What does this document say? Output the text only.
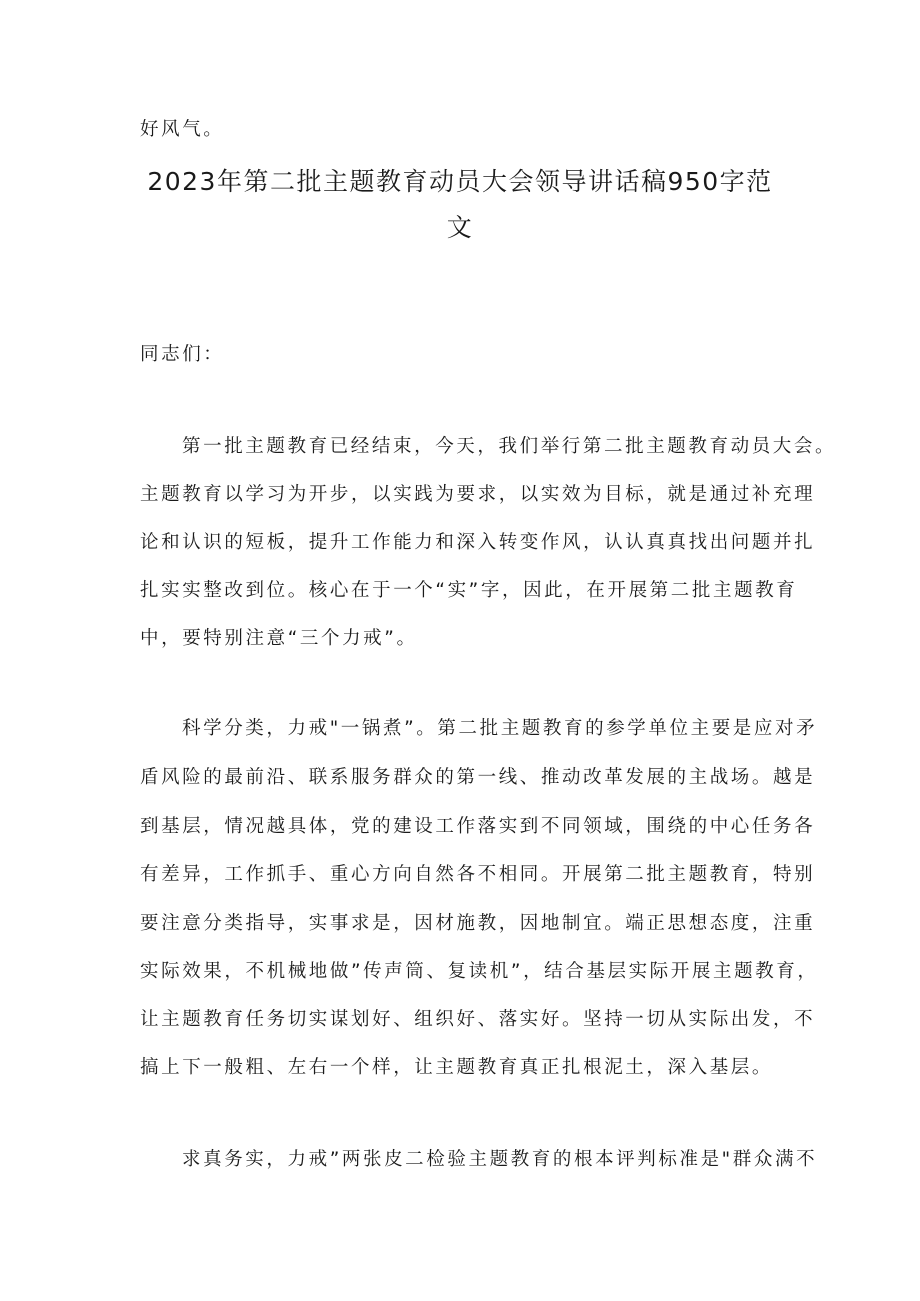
好风气。
2023年第二批主题教育动员大会领导讲话稿950字范
文
同志们：
第一批主题教育已经结束，今天，我们举行第二批主题教育动员大会。
主题教育以学习为开步，以实践为要求，以实效为目标，就是通过补充理
论和认识的短板，提升工作能力和深入转变作风，认认真真找出问题并扎
扎实实整改到位。核心在于一个“实”字，因此，在开展第二批主题教育
中，要特别注意“三个力戒”。
科学分类，力戒"一锅煮”。第二批主题教育的参学单位主要是应对矛
盾风险的最前沿、联系服务群众的第一线、推动改革发展的主战场。越是
到基层，情况越具体，党的建设工作落实到不同领域，围绕的中心任务各
有差异，工作抓手、重心方向自然各不相同。开展第二批主题教育，特别
要注意分类指导，实事求是，因材施教，因地制宜。端正思想态度，注重
实际效果，不机械地做”传声筒、复读机”，结合基层实际开展主题教育，
让主题教育任务切实谋划好、组织好、落实好。坚持一切从实际出发，不
搞上下一般粗、左右一个样，让主题教育真正扎根泥土，深入基层。
求真务实，力戒”两张皮二检验主题教育的根本评判标准是"群众满不
